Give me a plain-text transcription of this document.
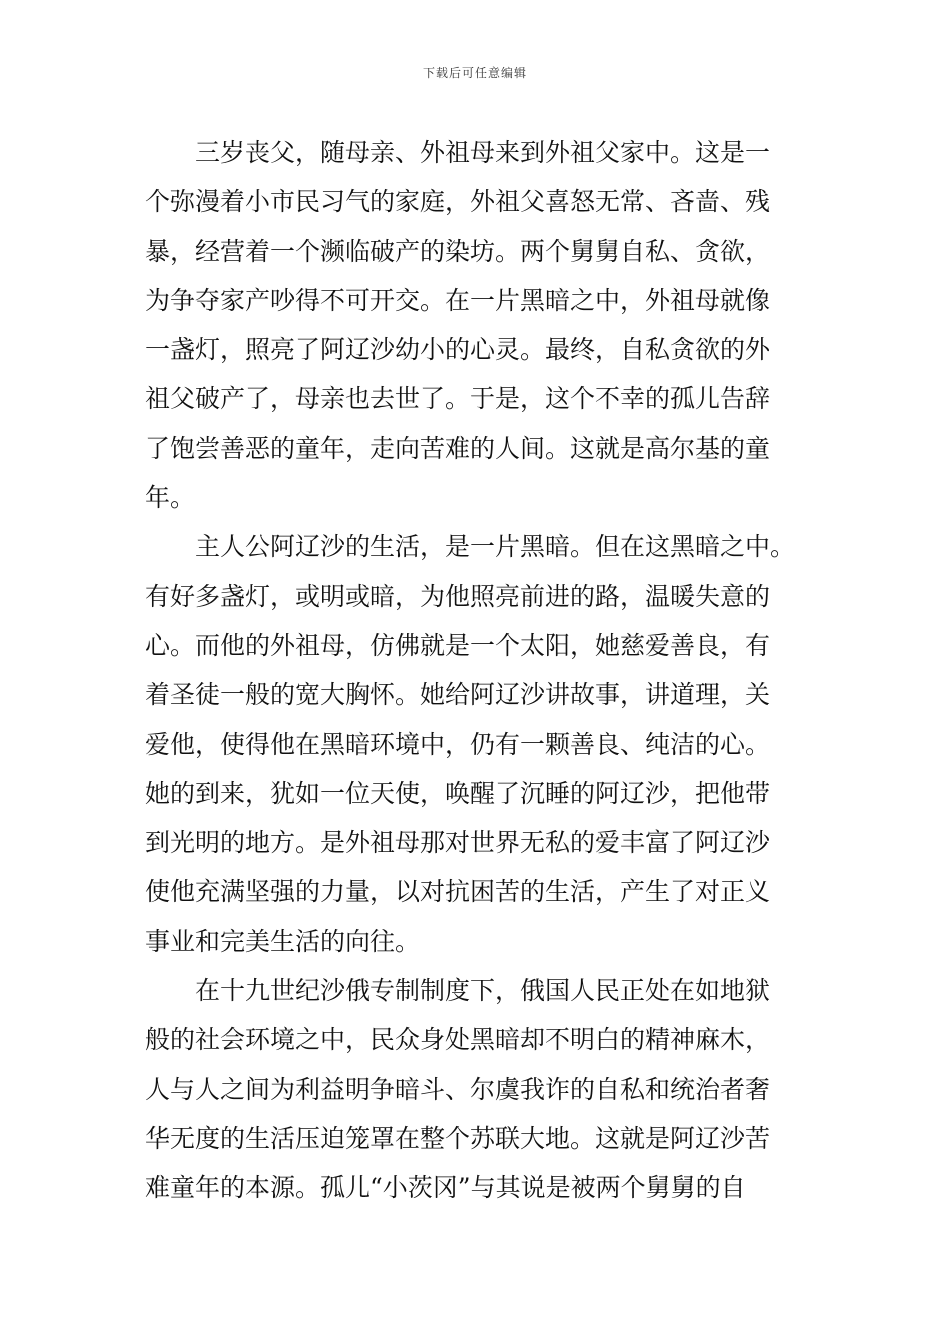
下载后可任意编辑
　　三岁丧父，随母亲、外祖母来到外祖父家中。这是一
个弥漫着小市民习气的家庭，外祖父喜怒无常、吝啬、残
暴，经营着一个濒临破产的染坊。两个舅舅自私、贪欲，
为争夺家产吵得不可开交。在一片黑暗之中，外祖母就像
一盏灯，照亮了阿辽沙幼小的心灵。最终，自私贪欲的外
祖父破产了，母亲也去世了。于是，这个不幸的孤儿告辞
了饱尝善恶的童年，走向苦难的人间。这就是高尔基的童
年。
　　主人公阿辽沙的生活，是一片黑暗。但在这黑暗之中。
有好多盏灯，或明或暗，为他照亮前进的路，温暖失意的
心。而他的外祖母，仿佛就是一个太阳，她慈爱善良，有
着圣徒一般的宽大胸怀。她给阿辽沙讲故事，讲道理，关
爱他，使得他在黑暗环境中，仍有一颗善良、纯洁的心。
她的到来，犹如一位天使，唤醒了沉睡的阿辽沙，把他带
到光明的地方。是外祖母那对世界无私的爱丰富了阿辽沙
使他充满坚强的力量，以对抗困苦的生活，产生了对正义
事业和完美生活的向往。
　　在十九世纪沙俄专制制度下，俄国人民正处在如地狱
般的社会环境之中，民众身处黑暗却不明白的精神麻木，
人与人之间为利益明争暗斗、尔虞我诈的自私和统治者奢
华无度的生活压迫笼罩在整个苏联大地。这就是阿辽沙苦
难童年的本源。孤儿“小茨冈”与其说是被两个舅舅的自
